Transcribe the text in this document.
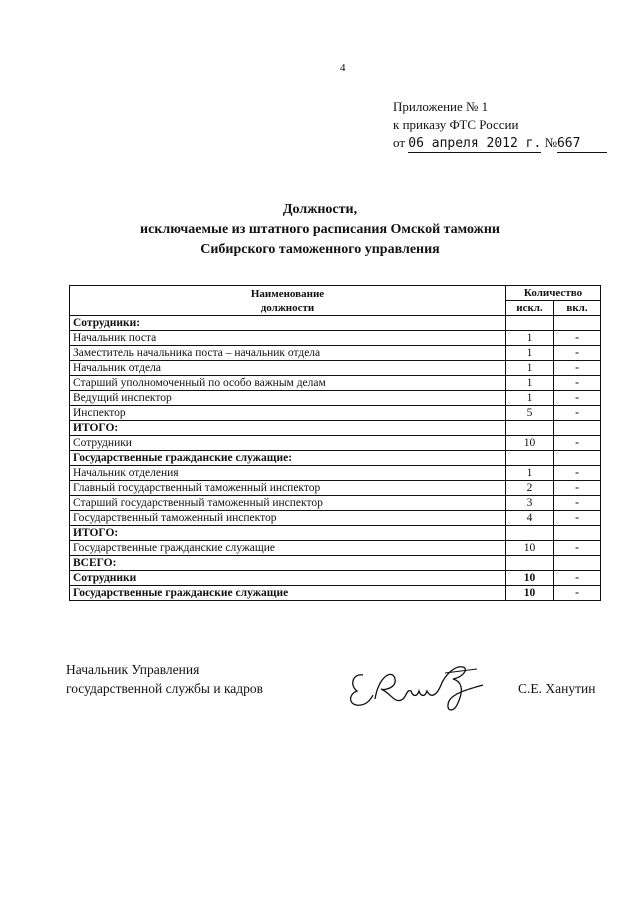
4
Приложение № 1
к приказу ФТС России
от 06 апреля 2012 г. №667
Должности,
исключаемые из штатного расписания Омской таможни
Сибирского таможенного управления
Наименование
должности	Количество	
	искл.	вкл.
Сотрудники:		
Начальник поста	1	-
Заместитель начальника поста – начальник отдела	1	-
Начальник отдела	1	-
Старший уполномоченный по особо важным делам	1	-
Ведущий инспектор	1	-
Инспектор	5	-
ИТОГО:		
Сотрудники	10	-
Государственные гражданские служащие:		
Начальник отделения	1	-
Главный государственный таможенный инспектор	2	-
Старший государственный таможенный инспектор	3	-
Государственный таможенный инспектор	4	-
ИТОГО:		
Государственные гражданские служащие	10	-
ВСЕГО:		
Сотрудники	10	-
Государственные гражданские служащие	10	-
Начальник Управления
государственной службы и кадров	С.Е. Ханутин
